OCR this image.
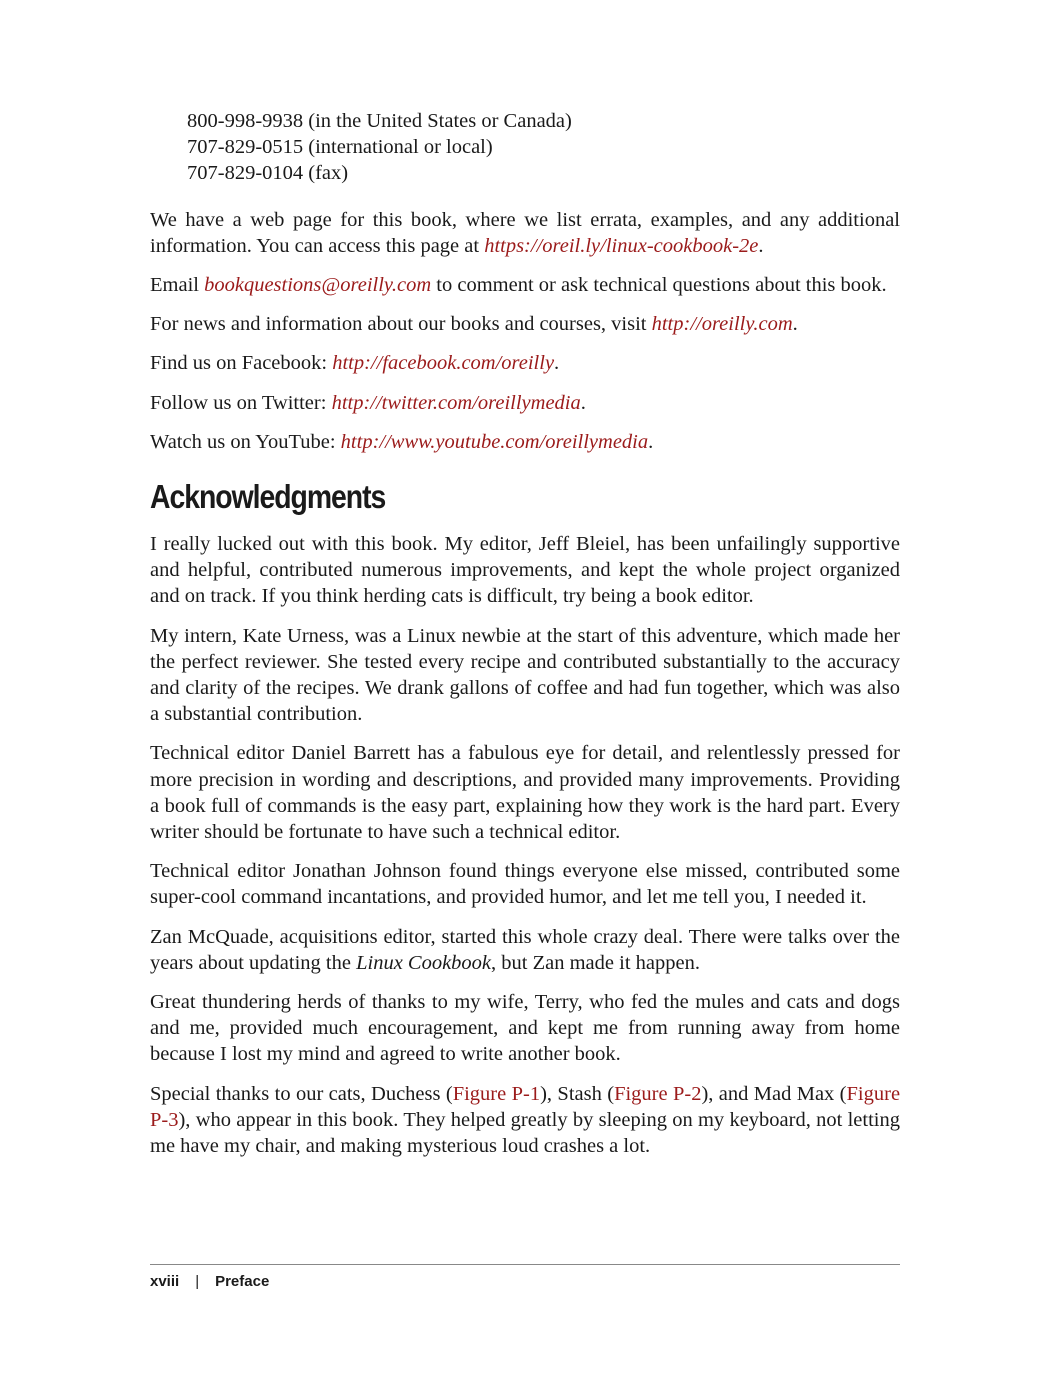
800-998-9938 (in the United States or Canada)
707-829-0515 (international or local)
707-829-0104 (fax)

We have a web page for this book, where we list errata, examples, and any additional information. You can access this page at https://oreil.ly/linux-cookbook-2e.

Email bookquestions@oreilly.com to comment or ask technical questions about this book.

For news and information about our books and courses, visit http://oreilly.com.

Find us on Facebook: http://facebook.com/oreilly.

Follow us on Twitter: http://twitter.com/oreillymedia.

Watch us on YouTube: http://www.youtube.com/oreillymedia.

Acknowledgments

I really lucked out with this book. My editor, Jeff Bleiel, has been unfailingly supportive and helpful, contributed numerous improvements, and kept the whole project organized and on track. If you think herding cats is difficult, try being a book editor.

My intern, Kate Urness, was a Linux newbie at the start of this adventure, which made her the perfect reviewer. She tested every recipe and contributed substantially to the accuracy and clarity of the recipes. We drank gallons of coffee and had fun together, which was also a substantial contribution.

Technical editor Daniel Barrett has a fabulous eye for detail, and relentlessly pressed for more precision in wording and descriptions, and provided many improvements. Providing a book full of commands is the easy part, explaining how they work is the hard part. Every writer should be fortunate to have such a technical editor.

Technical editor Jonathan Johnson found things everyone else missed, contributed some super-cool command incantations, and provided humor, and let me tell you, I needed it.

Zan McQuade, acquisitions editor, started this whole crazy deal. There were talks over the years about updating the Linux Cookbook, but Zan made it happen.

Great thundering herds of thanks to my wife, Terry, who fed the mules and cats and dogs and me, provided much encouragement, and kept me from running away from home because I lost my mind and agreed to write another book.

Special thanks to our cats, Duchess (Figure P-1), Stash (Figure P-2), and Mad Max (Figure P-3), who appear in this book. They helped greatly by sleeping on my keyboard, not letting me have my chair, and making mysterious loud crashes a lot.

xviii | Preface
